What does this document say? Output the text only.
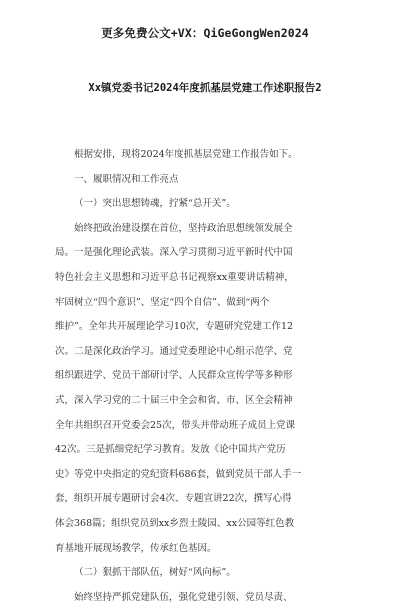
更多免费公文+VX：QiGeGongWen2024
Xx镇党委书记2024年度抓基层党建工作述职报告2
根据安排，现将2024年度抓基层党建工作报告如下。
一、履职情况和工作亮点
（一）突出思想铸魂，拧紧“总开关”。
始终把政治建设摆在首位，坚持政治思想统领发展全
局。一是强化理论武装。深入学习贯彻习近平新时代中国
特色社会主义思想和习近平总书记视察xx重要讲话精神，
牢固树立“四个意识”、坚定“四个自信”、做到“两个
维护”。全年共开展理论学习10次，专题研究党建工作12
次。二是深化政治学习。通过党委理论中心组示范学、党
组织跟进学、党员干部研讨学、人民群众宣传学等多种形
式，深入学习党的二十届三中全会和省、市、区全会精神
全年共组织召开党委会25次，带头并带动班子成员上党课
42次。三是抓细党纪学习教育。发放《论中国共产党历
史》等党中央指定的党纪资料686套，做到党员干部人手一
套，组织开展专题研讨会4次、专题宣讲22次，撰写心得
体会368篇；组织党员到xx乡烈士陵园、xx公园等红色教
育基地开展现场教学，传承红色基因。
（二）狠抓干部队伍，树好“风向标”。
始终坚持严抓党建队伍，强化党建引领、党员尽责、
